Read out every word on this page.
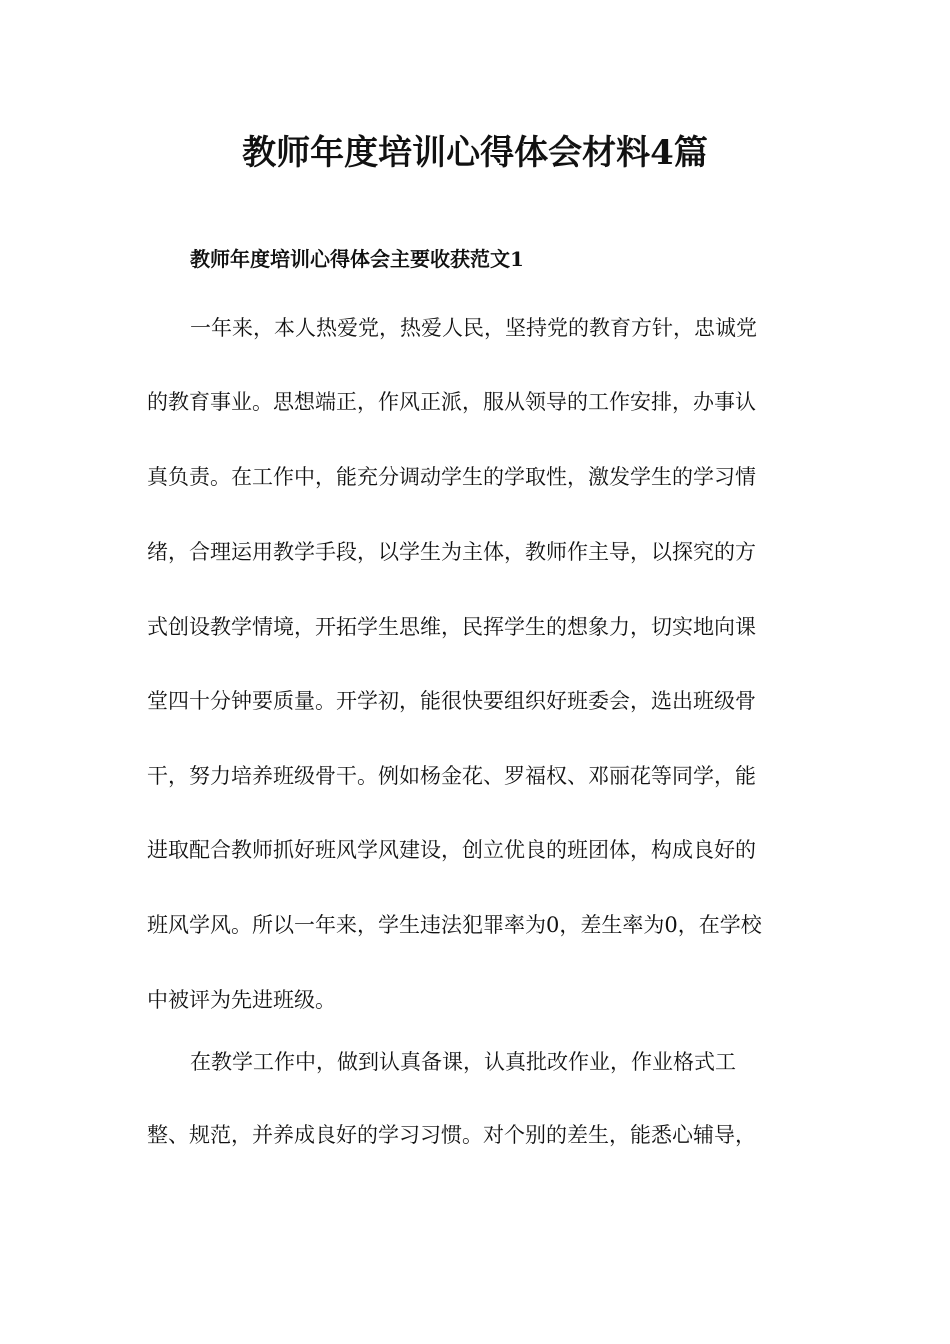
教师年度培训心得体会材料4篇
教师年度培训心得体会主要收获范文1

一年来，本人热爱党，热爱人民，坚持党的教育方针，忠诚党

的教育事业。思想端正，作风正派，服从领导的工作安排，办事认

真负责。在工作中，能充分调动学生的学取性，激发学生的学习情

绪，合理运用教学手段，以学生为主体，教师作主导，以探究的方

式创设教学情境，开拓学生思维，民挥学生的想象力，切实地向课

堂四十分钟要质量。开学初，能很快要组织好班委会，选出班级骨

干，努力培养班级骨干。例如杨金花、罗福权、邓丽花等同学，能

进取配合教师抓好班风学风建设，创立优良的班团体，构成良好的

班风学风。所以一年来，学生违法犯罪率为0，差生率为0，在学校

中被评为先进班级。

在教学工作中，做到认真备课，认真批改作业，作业格式工

整、规范，并养成良好的学习习惯。对个别的差生，能悉心辅导，
